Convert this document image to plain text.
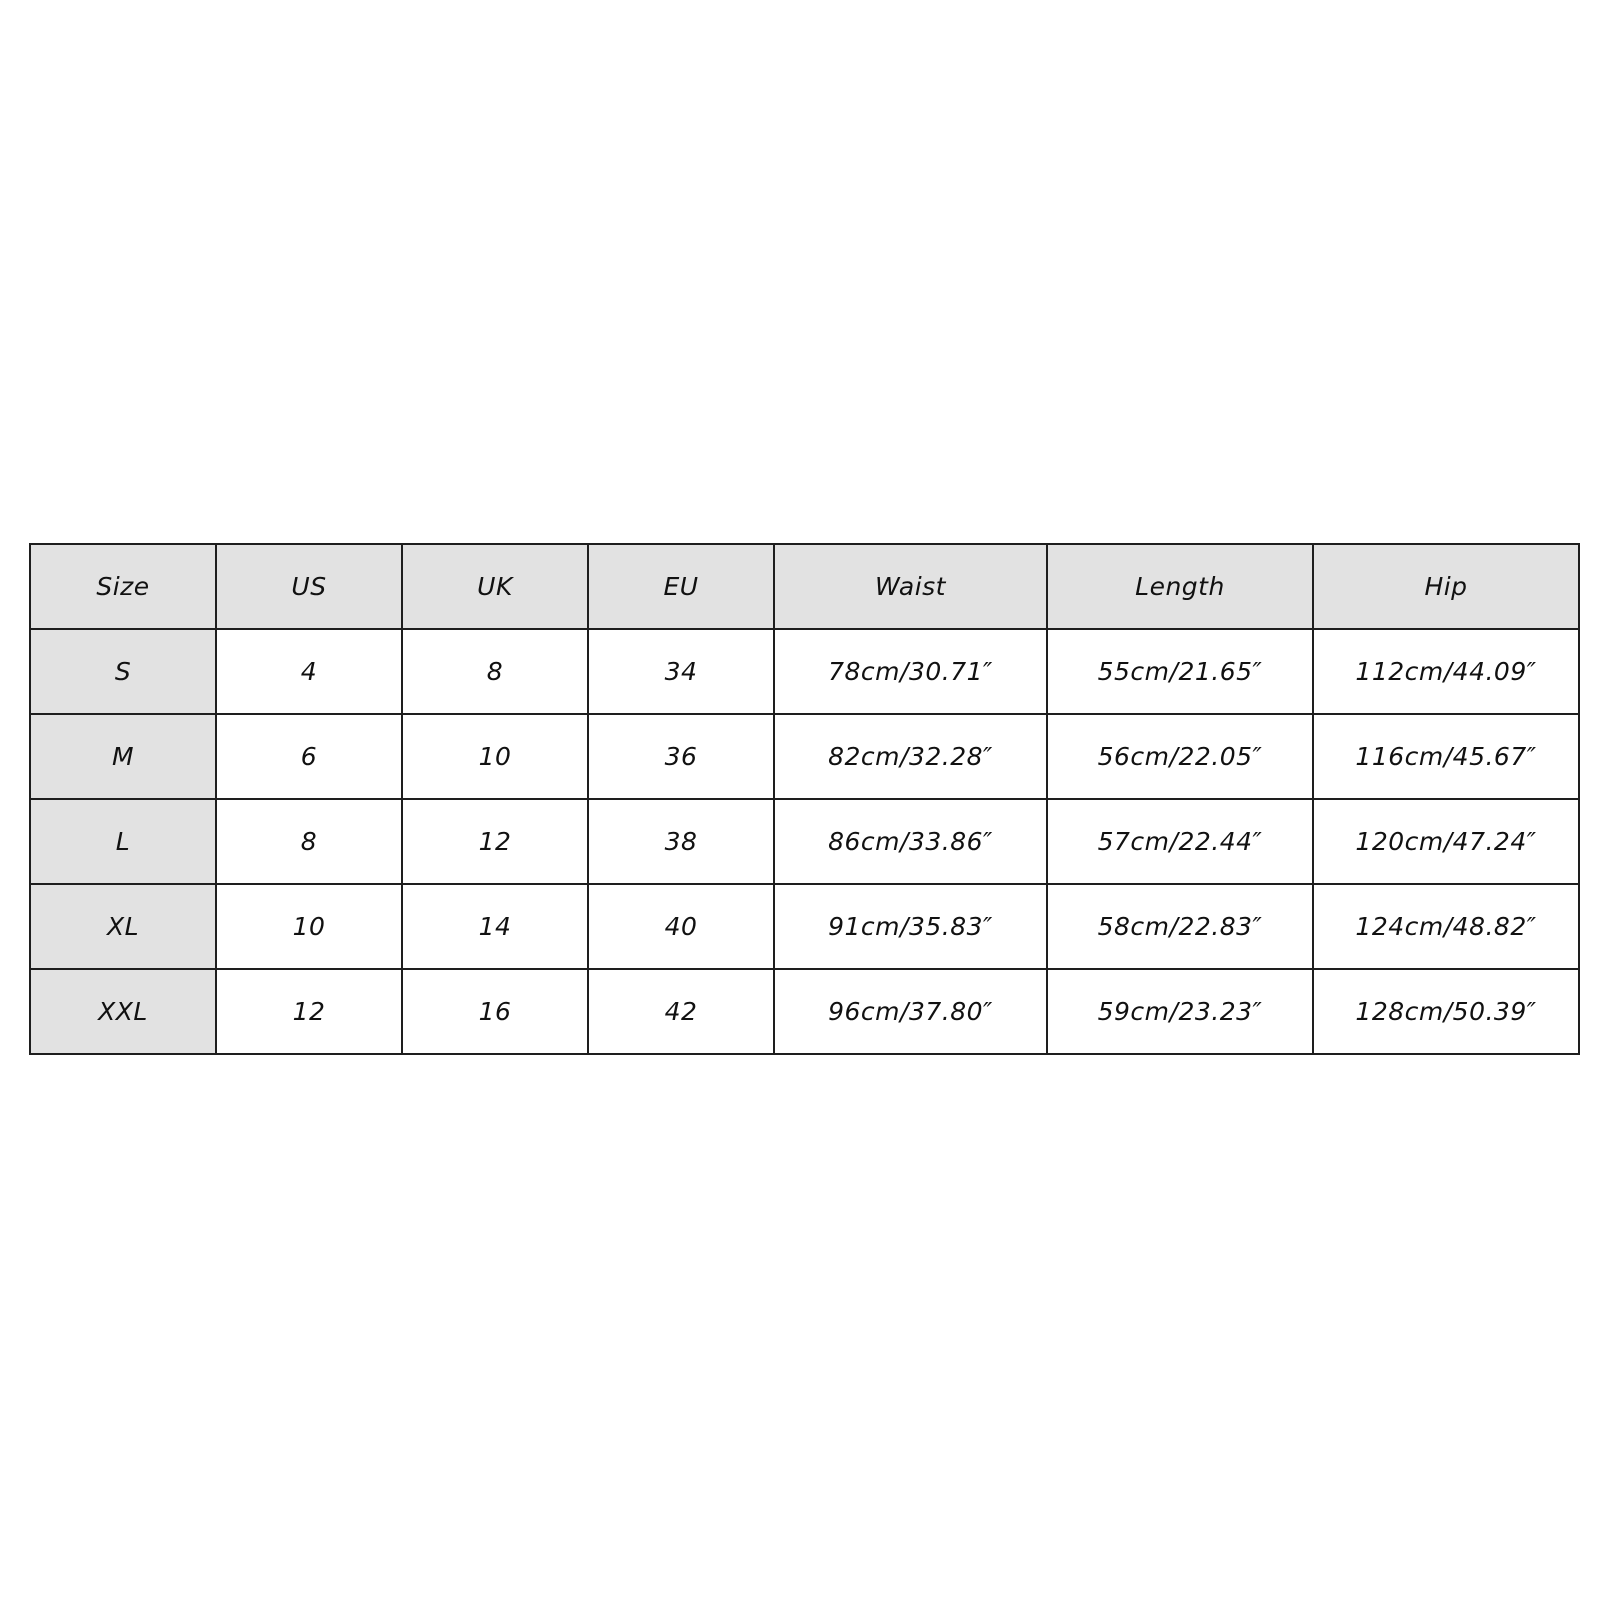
Size	US	UK	EU	Waist	Length	Hip
S	4	8	34	78cm/30.71″	55cm/21.65″	112cm/44.09″
M	6	10	36	82cm/32.28″	56cm/22.05″	116cm/45.67″
L	8	12	38	86cm/33.86″	57cm/22.44″	120cm/47.24″
XL	10	14	40	91cm/35.83″	58cm/22.83″	124cm/48.82″
XXL	12	16	42	96cm/37.80″	59cm/23.23″	128cm/50.39″
